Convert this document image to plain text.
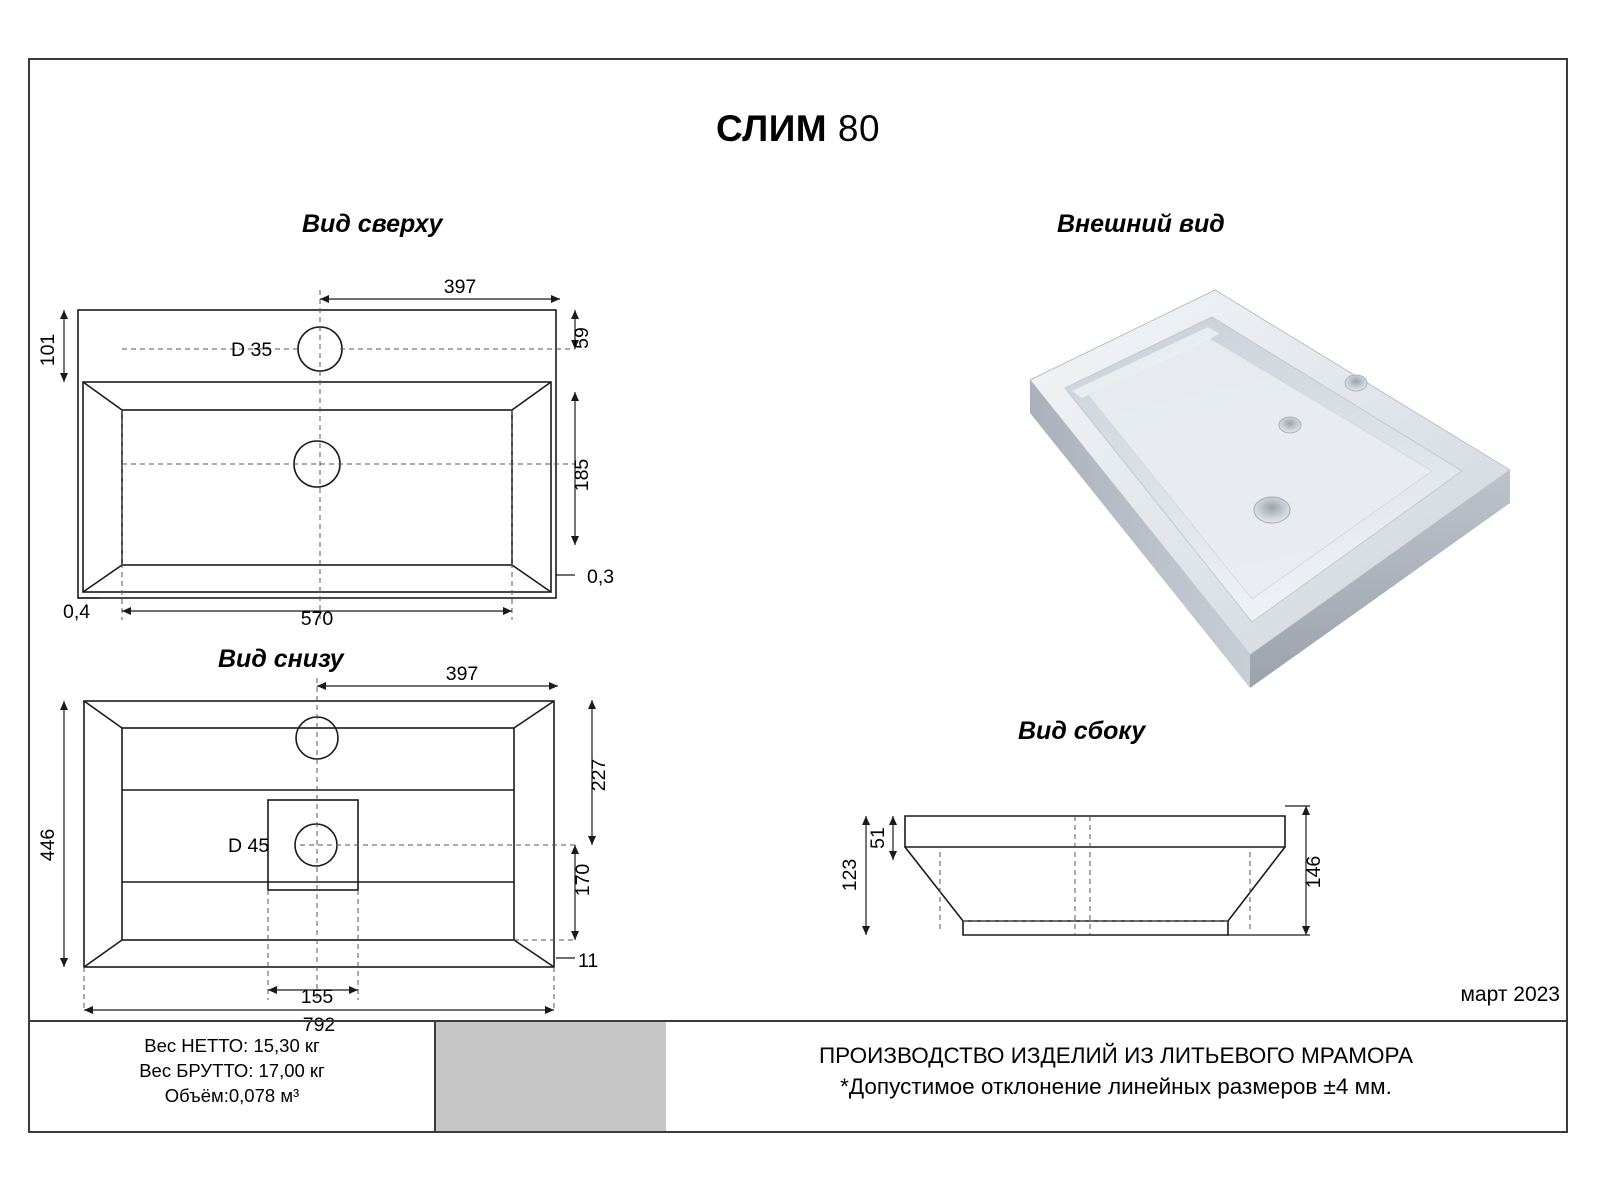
СЛИМ 80
Вид сверху
Вид снизу
Внешний вид
Вид сбоку
397
101	59
185
0,3
0,4	570
D 35
397
446
227
170
11
155
792
D 45
123
51
146
март 2023
Вес НЕТТО: 15,30 кг
Вес БРУТТО: 17,00 кг
Объём:0,078 м³
ПРОИЗВОДСТВО ИЗДЕЛИЙ ИЗ ЛИТЬЕВОГО МРАМОРА
*Допустимое отклонение линейных размеров ±4 мм.
